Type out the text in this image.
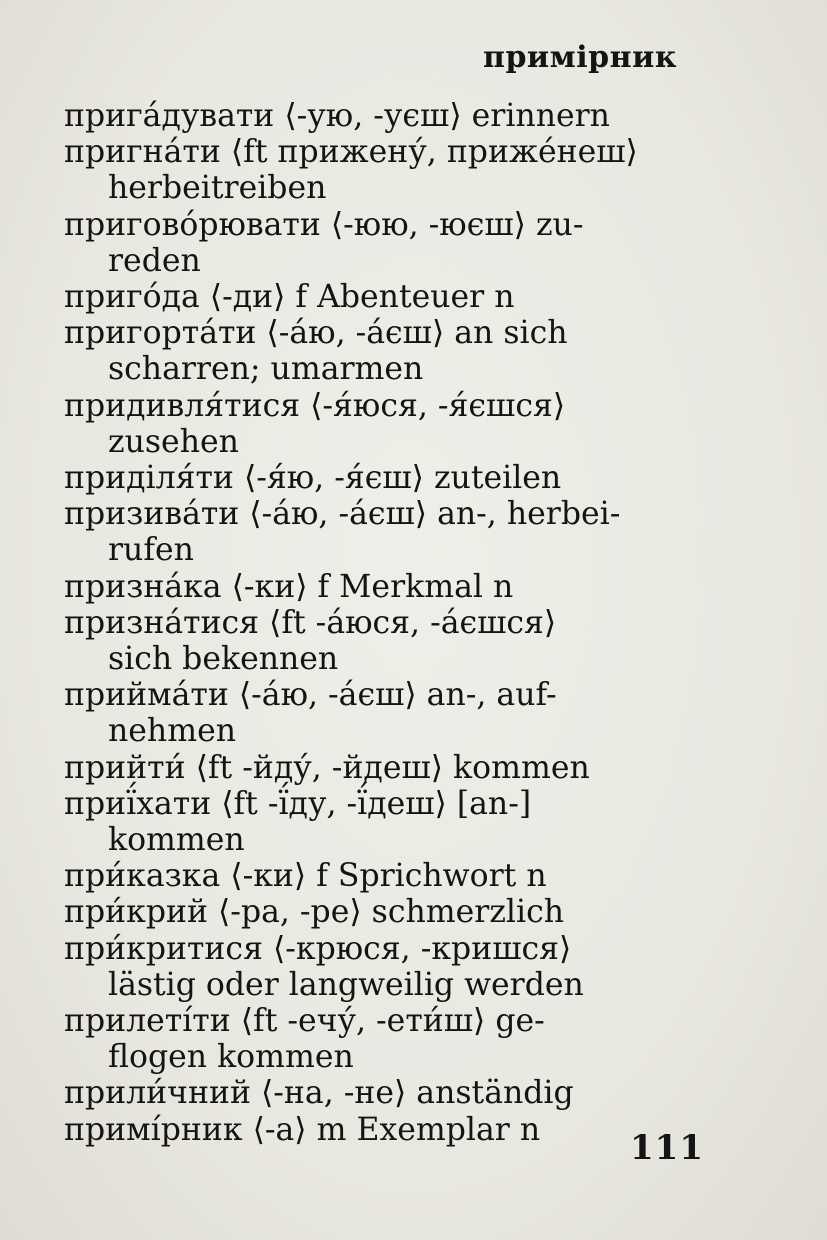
примірник
пригáдувати ⟨-ую, -уєш⟩ erinnern
пригнáти ⟨ft прижену́, прижéнеш⟩
herbeitreiben
приговóрювати ⟨-юю, -юєш⟩ zu-
reden
пригóда ⟨-ди⟩ f Abenteuer n
пригортáти ⟨-áю, -áєш⟩ an sich
scharren; umarmen
придивля́тися ⟨-я́юся, -я́єшся⟩
zusehen
приділя́ти ⟨-я́ю, -я́єш⟩ zuteilen
призивáти ⟨-áю, -áєш⟩ an-, herbei-
rufen
признáка ⟨-ки⟩ f Merkmal n
признáтися ⟨ft -áюся, -áєшся⟩
sich bekennen
приймáти ⟨-áю, -áєш⟩ an-, auf-
nehmen
прийти́ ⟨ft -йду́, -йдеш⟩ kommen
приї́хати ⟨ft -ї́ду, -ї́деш⟩ [an-]
kommen
при́казка ⟨-ки⟩ f Sprichwort n
при́крий ⟨-ра, -ре⟩ schmerzlich
при́критися ⟨-крюся, -кришся⟩
lästig oder langweilig werden
прилетíти ⟨ft -ечу́, -ети́ш⟩ ge-
flogen kommen
прили́чний ⟨-на, -не⟩ anständig
примíрник ⟨-а⟩ m Exemplar n	111
